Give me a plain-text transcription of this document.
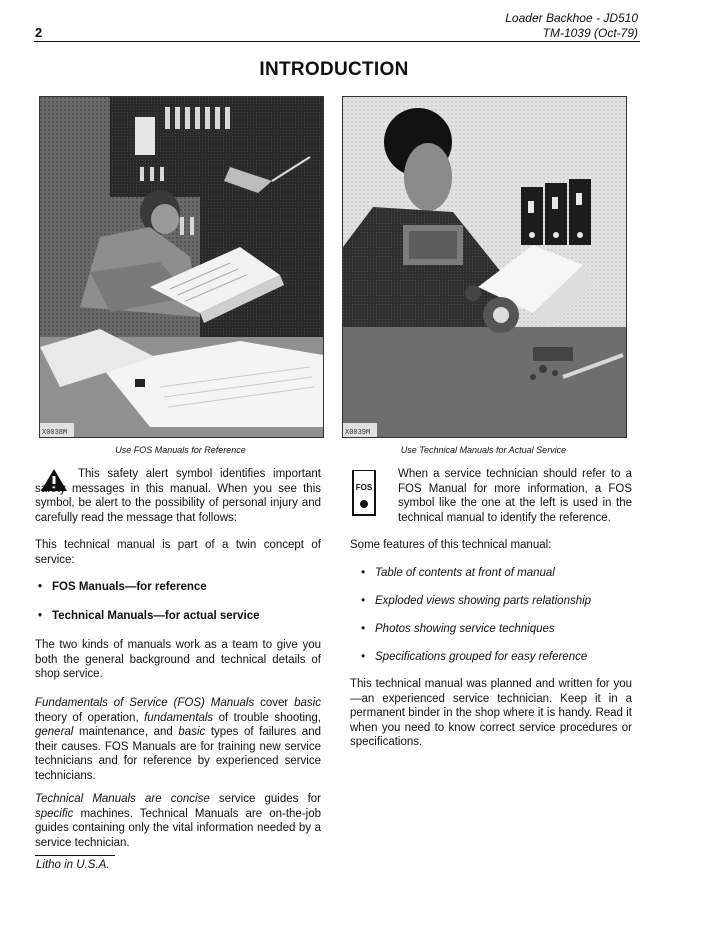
2
Loader Backhoe - JD510
TM-1039 (Oct-79)
INTRODUCTION
X0038M
Use FOS Manuals for Reference
X0039M
Use Technical Manuals for Actual Service
This safety alert symbol identifies important safety messages in this manual. When you see this symbol, be alert to the possibility of personal injury and carefully read the message that follows:
This technical manual is part of a twin concept of service:
• FOS Manuals—for reference
• Technical Manuals—for actual service
The two kinds of manuals work as a team to give you both the general background and technical details of shop service.
Fundamentals of Service (FOS) Manuals cover basic theory of operation, fundamentals of trouble shooting, general maintenance, and basic types of failures and their causes. FOS Manuals are for training new service technicians and for reference by experienced service technicians.
Technical Manuals are concise service guides for specific machines. Technical Manuals are on-the-job guides containing only the vital information needed by a service technician.
Litho in U.S.A.
FOS
When a service technician should refer to a FOS Manual for more information, a FOS symbol like the one at the left is used in the technical manual to identify the reference.
Some features of this technical manual:
• Table of contents at front of manual
• Exploded views showing parts relationship
• Photos showing service techniques
• Specifications grouped for easy reference
This technical manual was planned and written for you—an experienced service technician. Keep it in a permanent binder in the shop where it is handy. Read it when you need to know correct service procedures or specifications.
